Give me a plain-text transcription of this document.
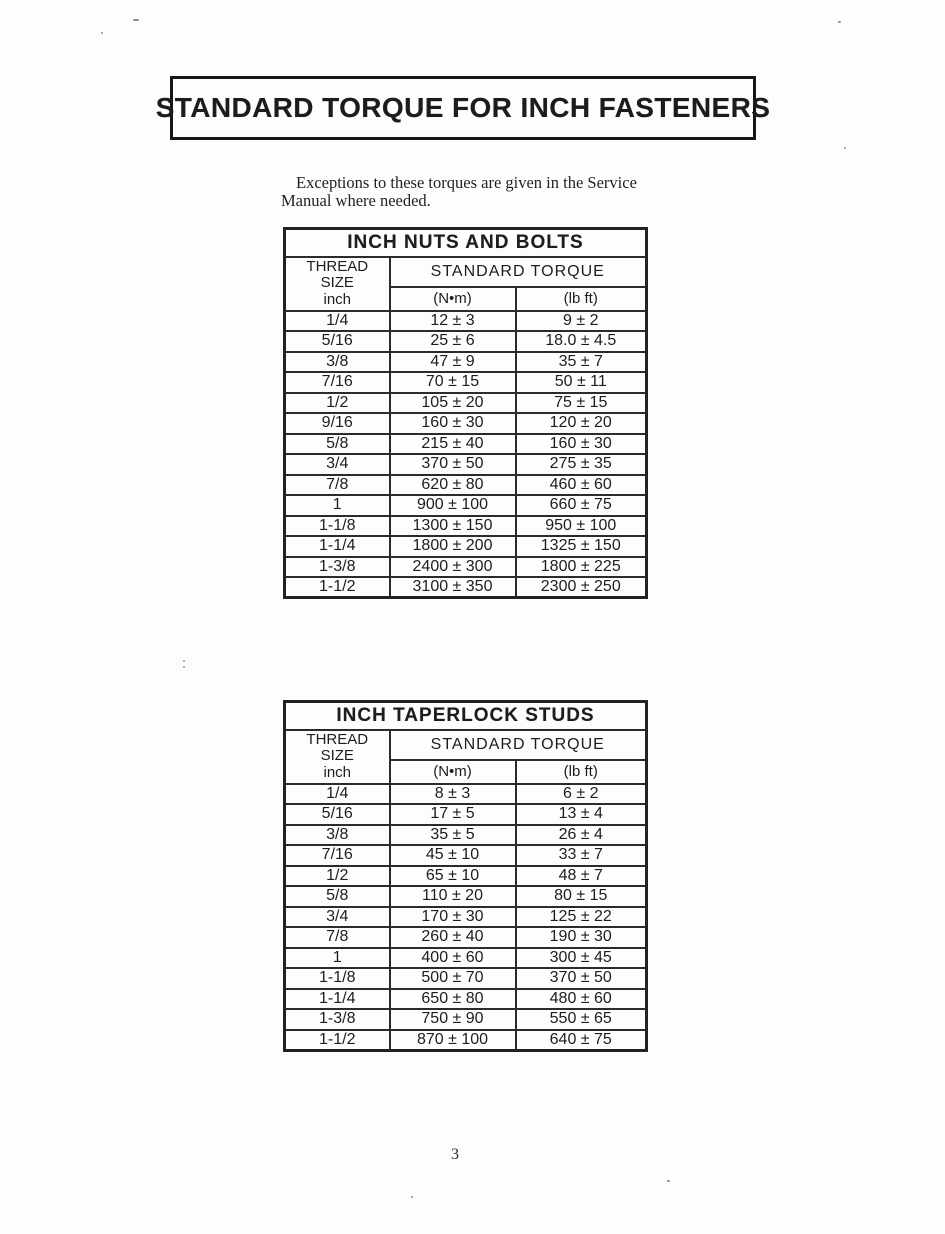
STANDARD TORQUE FOR INCH FASTENERS
Exceptions to these torques are given in the Service
Manual where needed.
INCH NUTS AND BOLTS		

THREAD
SIZE
inch	STANDARD TORQUE	
	(N•m)	(lb ft)
1/4	12 ± 3	9 ± 2
5/16	25 ± 6	18.0 ± 4.5
3/8	47 ± 9	35 ± 7
7/16	70 ± 15	50 ± 11
1/2	105 ± 20	75 ± 15
9/16	160 ± 30	120 ± 20
5/8	215 ± 40	160 ± 30
3/4	370 ± 50	275 ± 35
7/8	620 ± 80	460 ± 60
1	900 ± 100	660 ± 75
1-1/8	1300 ± 150	950 ± 100
1-1/4	1800 ± 200	1325 ± 150
1-3/8	2400 ± 300	1800 ± 225
1-1/2	3100 ± 350	2300 ± 250
INCH TAPERLOCK STUDS		

THREAD
SIZE
inch	STANDARD TORQUE	
	(N•m)	(lb ft)
1/4	8 ± 3	6 ± 2
5/16	17 ± 5	13 ± 4
3/8	35 ± 5	26 ± 4
7/16	45 ± 10	33 ± 7
1/2	65 ± 10	48 ± 7
5/8	110 ± 20	80 ± 15
3/4	170 ± 30	125 ± 22
7/8	260 ± 40	190 ± 30
1	400 ± 60	300 ± 45
1-1/8	500 ± 70	370 ± 50
1-1/4	650 ± 80	480 ± 60
1-3/8	750 ± 90	550 ± 65
1-1/2	870 ± 100	640 ± 75
3
